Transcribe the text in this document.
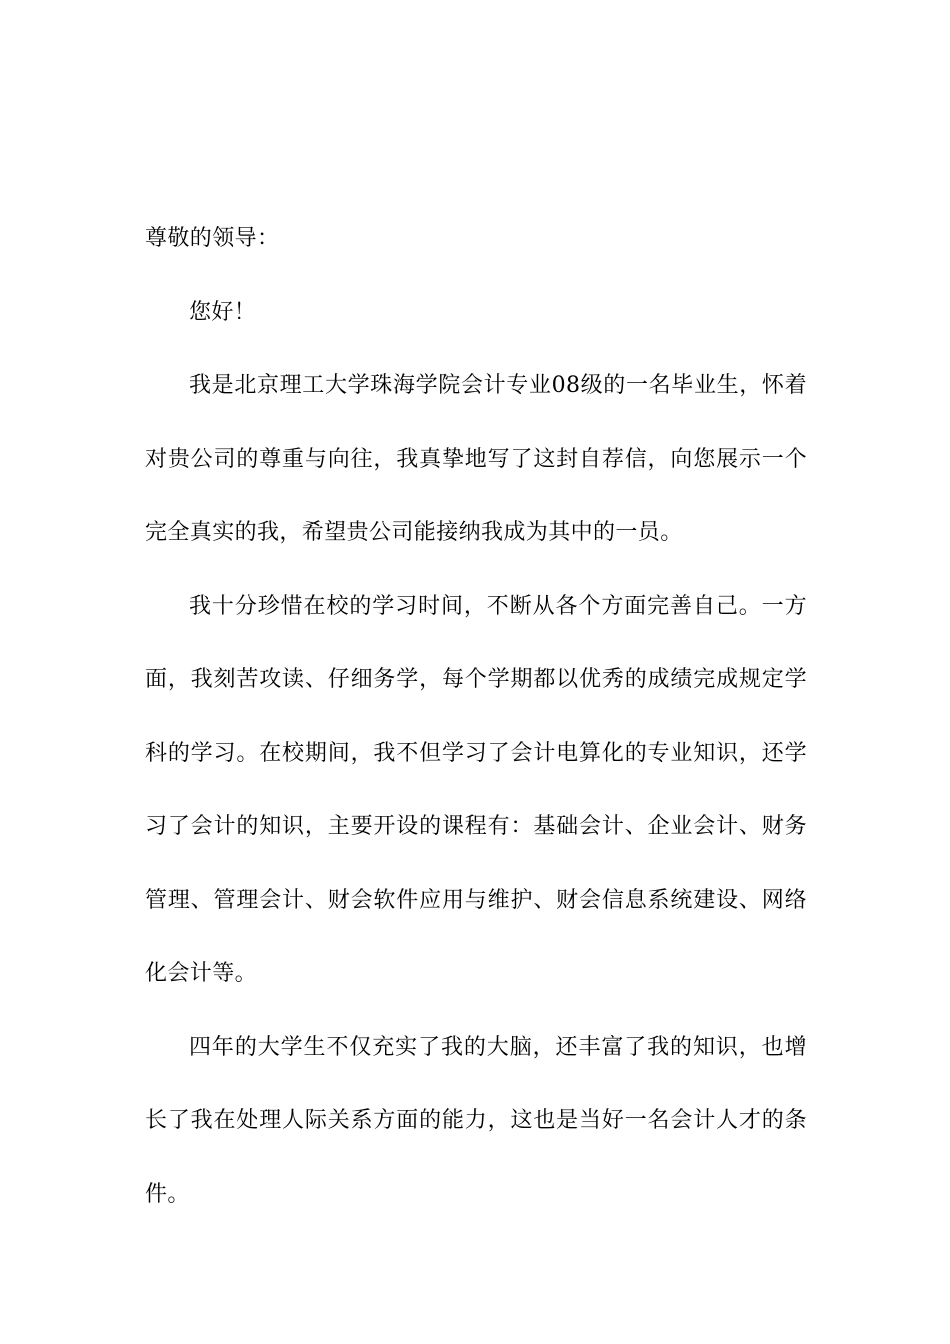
尊敬的领导：

您好！

我是北京理工大学珠海学院会计专业08级的一名毕业生，怀着对贵公司的尊重与向往，我真挚地写了这封自荐信，向您展示一个完全真实的我，希望贵公司能接纳我成为其中的一员。

我十分珍惜在校的学习时间，不断从各个方面完善自己。一方面，我刻苦攻读、仔细务学，每个学期都以优秀的成绩完成规定学科的学习。在校期间，我不但学习了会计电算化的专业知识，还学习了会计的知识，主要开设的课程有：基础会计、企业会计、财务管理、管理会计、财会软件应用与维护、财会信息系统建设、网络化会计等。

四年的大学生不仅充实了我的大脑，还丰富了我的知识，也增长了我在处理人际关系方面的能力，这也是当好一名会计人才的条件。
